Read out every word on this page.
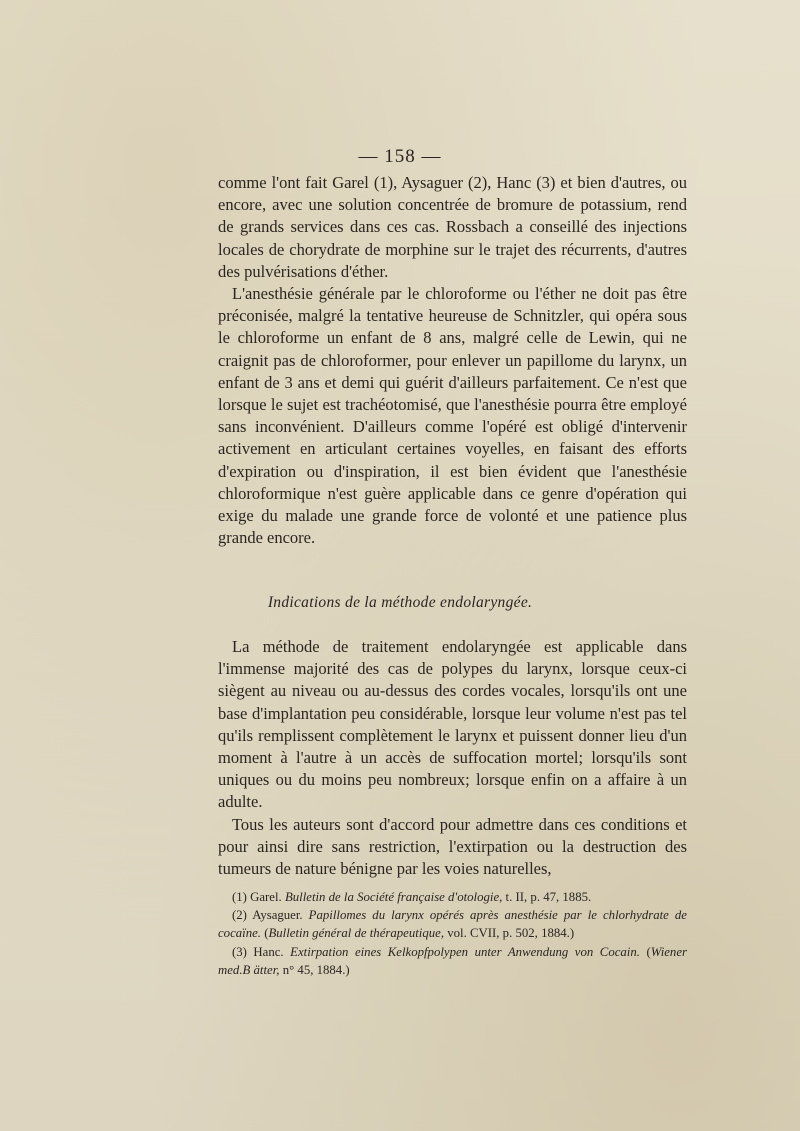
— 158 —

comme l'ont fait Garel (1), Aysaguer (2), Hanc (3) et bien d'autres, ou encore, avec une solution concentrée de bromure de potassium, rend de grands services dans ces cas. Rossbach a conseillé des injections locales de chorydrate de morphine sur le trajet des récurrents, d'autres des pulvérisations d'éther.

L'anesthésie générale par le chloroforme ou l'éther ne doit pas être préconisée, malgré la tentative heureuse de Schnitzler, qui opéra sous le chloroforme un enfant de 8 ans, malgré celle de Lewin, qui ne craignit pas de chloroformer, pour enlever un papillome du larynx, un enfant de 3 ans et demi qui guérit d'ailleurs parfaitement. Ce n'est que lorsque le sujet est trachéotomisé, que l'anesthésie pourra être employé sans inconvénient. D'ailleurs comme l'opéré est obligé d'intervenir activement en articulant certaines voyelles, en faisant des efforts d'expiration ou d'inspiration, il est bien évident que l'anesthésie chloroformique n'est guère applicable dans ce genre d'opération qui exige du malade une grande force de volonté et une patience plus grande encore.

Indications de la méthode endolaryngée.

La méthode de traitement endolaryngée est applicable dans l'immense majorité des cas de polypes du larynx, lorsque ceux-ci siègent au niveau ou au-dessus des cordes vocales, lorsqu'ils ont une base d'implantation peu considérable, lorsque leur volume n'est pas tel qu'ils remplissent complètement le larynx et puissent donner lieu d'un moment à l'autre à un accès de suffocation mortel; lorsqu'ils sont uniques ou du moins peu nombreux; lorsque enfin on a affaire à un adulte.

Tous les auteurs sont d'accord pour admettre dans ces conditions et pour ainsi dire sans restriction, l'extirpation ou la destruction des tumeurs de nature bénigne par les voies naturelles,

(1) Garel. Bulletin de la Société française d'otologie, t. II, p. 47, 1885.

(2) Aysaguer. Papillomes du larynx opérés après anesthésie par le chlorhydrate de cocaïne. (Bulletin général de thérapeutique, vol. CVII, p. 502, 1884.)

(3) Hanc. Extirpation eines Kelkopfpolypen unter Anwendung von Cocain. (Wiener med.B ätter, n° 45, 1884.)
